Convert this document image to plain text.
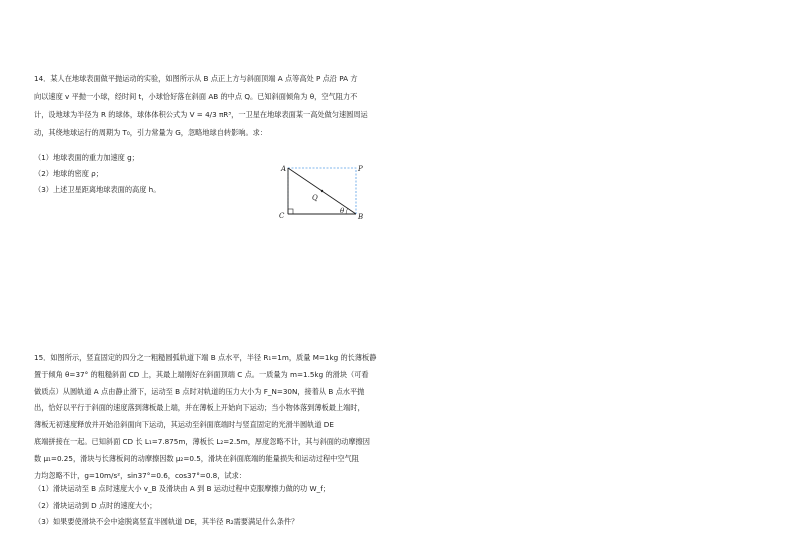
14．某人在地球表面做平抛运动的实验，如图所示从 B 点正上方与斜面顶端 A 点等高处 P 点沿 PA 方
向以速度 v 平抛一小球，经时间 t，小球恰好落在斜面 AB 的中点 Q。已知斜面倾角为 θ，空气阻力不
计，设地球为半径为 R 的球体，球体体积公式为 V = 4/3 πR³，一卫星在地球表面某一高处做匀速圆周运
动，其绕地球运行的周期为 T₀，引力常量为 G，忽略地球自转影响。求：
（1）地球表面的重力加速度 g；
（2）地球的密度 ρ；
（3）上述卫星距离地球表面的高度 h。
A	P
C	B
Q
θ
15．如图所示，竖直固定的四分之一粗糙圆弧轨道下端 B 点水平，半径 R₁=1m，质量 M=1kg 的长薄板静
置于倾角 θ=37° 的粗糙斜面 CD 上，其最上端刚好在斜面顶端 C 点。一质量为 m=1.5kg 的滑块（可看
做质点）从圆轨道 A 点由静止滑下，运动至 B 点时对轨道的压力大小为 F_N=30N，接着从 B 点水平抛
出，恰好以平行于斜面的速度落到薄板最上端，并在薄板上开始向下运动；当小物体落到薄板最上端时，
薄板无初速度释放并开始沿斜面向下运动，其运动至斜面底端时与竖直固定的光滑半圆轨道 DE
底端拼接在一起。已知斜面 CD 长 L₁=7.875m，薄板长 L₂=2.5m，厚度忽略不计，其与斜面的动摩擦因
数 μ₁=0.25，滑块与长薄板间的动摩擦因数 μ₂=0.5，滑块在斜面底端的能量损失和运动过程中空气阻
力均忽略不计，g=10m/s²，sin37°=0.6，cos37°=0.8，试求：
（1）滑块运动至 B 点时速度大小 v_B 及滑块由 A 到 B 运动过程中克服摩擦力做的功 W_f；
（2）滑块运动到 D 点时的速度大小；
（3）如果要使滑块不会中途脱离竖直半圆轨道 DE，其半径 R₂需要满足什么条件？
